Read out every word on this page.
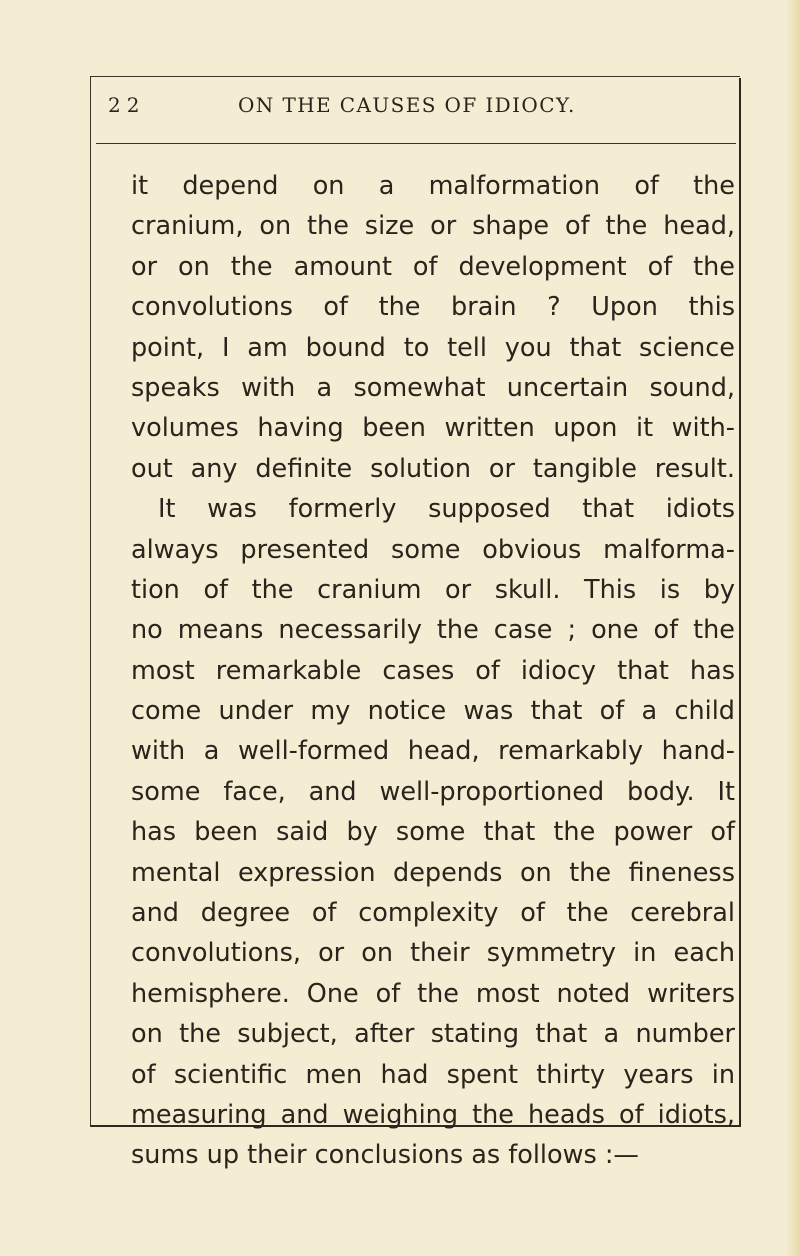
22	ON THE CAUSES OF IDIOCY.
it depend on a malformation of the
cranium, on the size or shape of the head,
or on the amount of development of the
convolutions of the brain ? Upon this
point, I am bound to tell you that science
speaks with a somewhat uncertain sound,
volumes having been written upon it with-
out any definite solution or tangible result.
It was formerly supposed that idiots
always presented some obvious malforma-
tion of the cranium or skull. This is by
no means necessarily the case ; one of the
most remarkable cases of idiocy that has
come under my notice was that of a child
with a well-formed head, remarkably hand-
some face, and well-proportioned body. It
has been said by some that the power of
mental expression depends on the fineness
and degree of complexity of the cerebral
convolutions, or on their symmetry in each
hemisphere. One of the most noted writers
on the subject, after stating that a number
of scientific men had spent thirty years in
measuring and weighing the heads of idiots,
sums up their conclusions as follows :—
